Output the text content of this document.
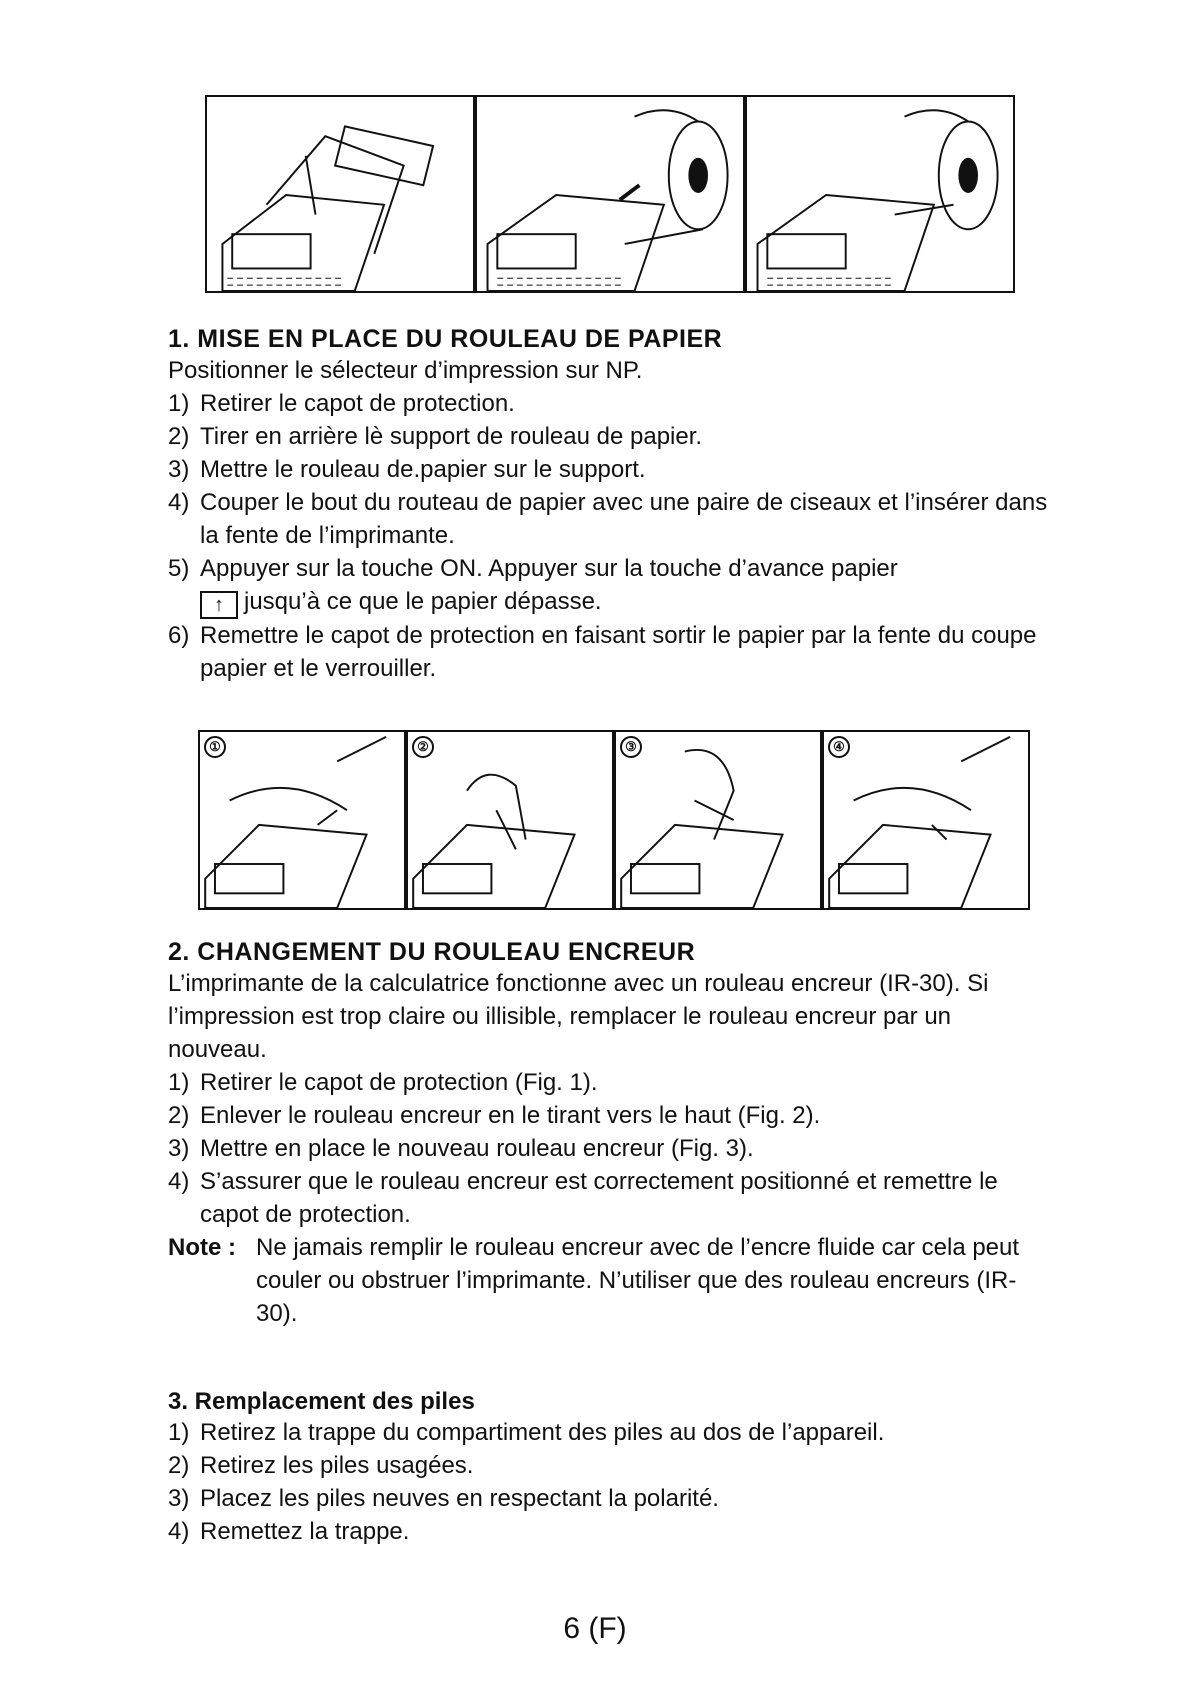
1. MISE EN PLACE DU ROULEAU DE PAPIER

Positionner le sélecteur d’impression sur NP.

1) Retirer le capot de protection.
2) Tirer en arrière lè support de rouleau de papier.
3) Mettre le rouleau de.papier sur le support.
4) Couper le bout du routeau de papier avec une paire de ciseaux et l’insérer dans la fente de l’imprimante.
5) Appuyer sur la touche ON. Appuyer sur la touche d’avance papier
↑ jusqu’à ce que le papier dépasse.
6) Remettre le capot de protection en faisant sortir le papier par la fente du coupe papier et le verrouiller.
①	②	③	④
2. CHANGEMENT DU ROULEAU ENCREUR

L’imprimante de la calculatrice fonctionne avec un rouleau encreur (IR-30). Si l’impression est trop claire ou illisible, remplacer le rouleau encreur par un nouveau.

1) Retirer le capot de protection (Fig. 1).
2) Enlever le rouleau encreur en le tirant vers le haut (Fig. 2).
3) Mettre en place le nouveau rouleau encreur (Fig. 3).
4) S’assurer que le rouleau encreur est correctement positionné et remettre le capot de protection.
Note : Ne jamais remplir le rouleau encreur avec de l’encre fluide car cela peut couler ou obstruer l’imprimante. N’utiliser que des rouleau encreurs (IR-30).
3. Remplacement des piles
1) Retirez la trappe du compartiment des piles au dos de l’appareil.
2) Retirez les piles usagées.
3) Placez les piles neuves en respectant la polarité.
4) Remettez la trappe.
6 (F)
